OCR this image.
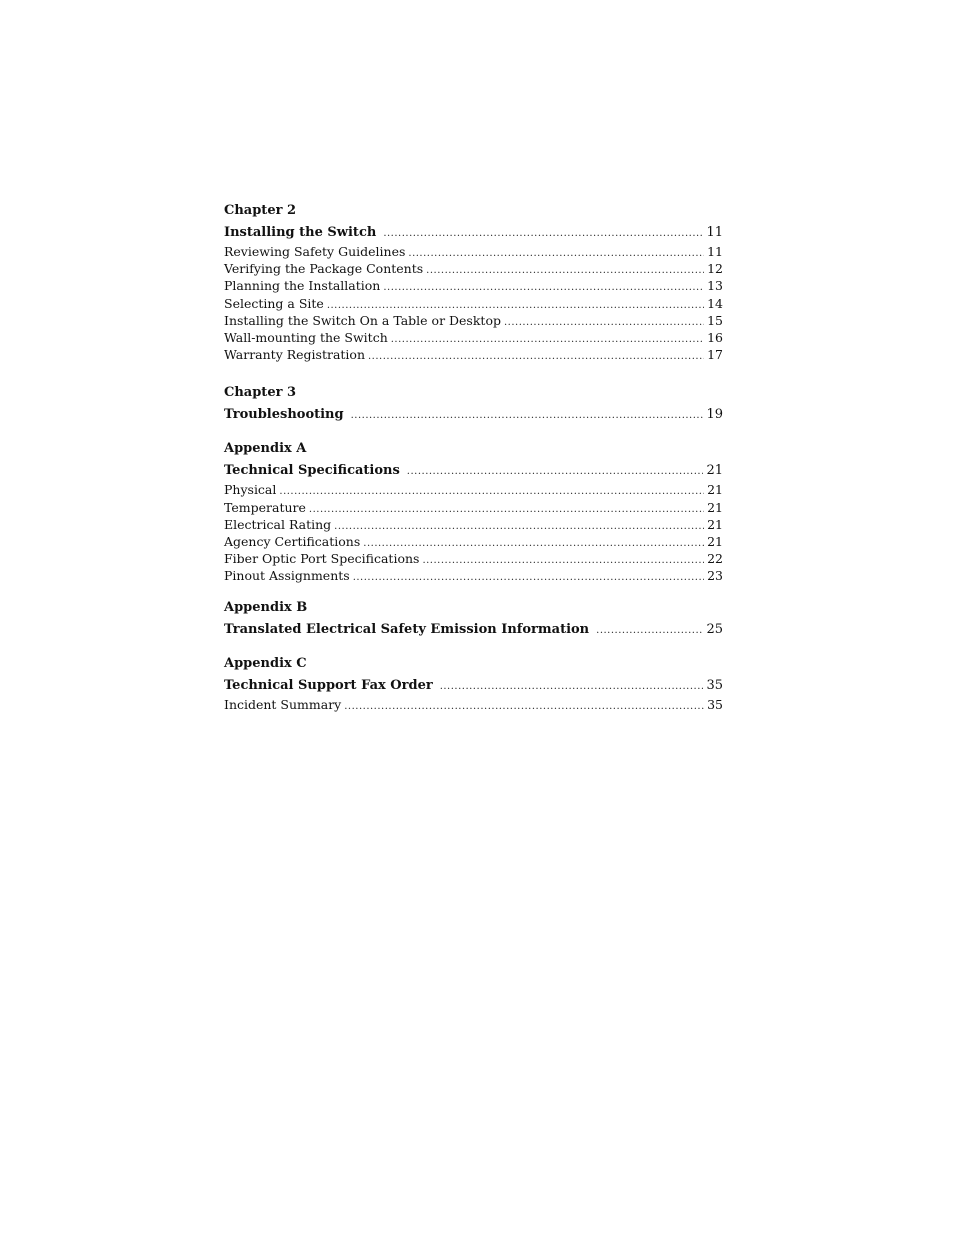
Chapter 2
Installing the Switch .....	11
Reviewing Safety Guidelines .....	11
Verifying the Package Contents .....	12
Planning the Installation .....	13
Selecting a Site .....	14
Installing the Switch On a Table or Desktop .....	15
Wall-mounting the Switch .....	16
Warranty Registration .....	17
Chapter 3
Troubleshooting .....	19
Appendix A
Technical Specifications .....	21
Physical .....	21
Temperature .....	21
Electrical Rating .....	21
Agency Certifications .....	21
Fiber Optic Port Specifications .....	22
Pinout Assignments .....	23
Appendix B
Translated Electrical Safety Emission Information .....	25
Appendix C
Technical Support Fax Order .....	35
Incident Summary .....	35
